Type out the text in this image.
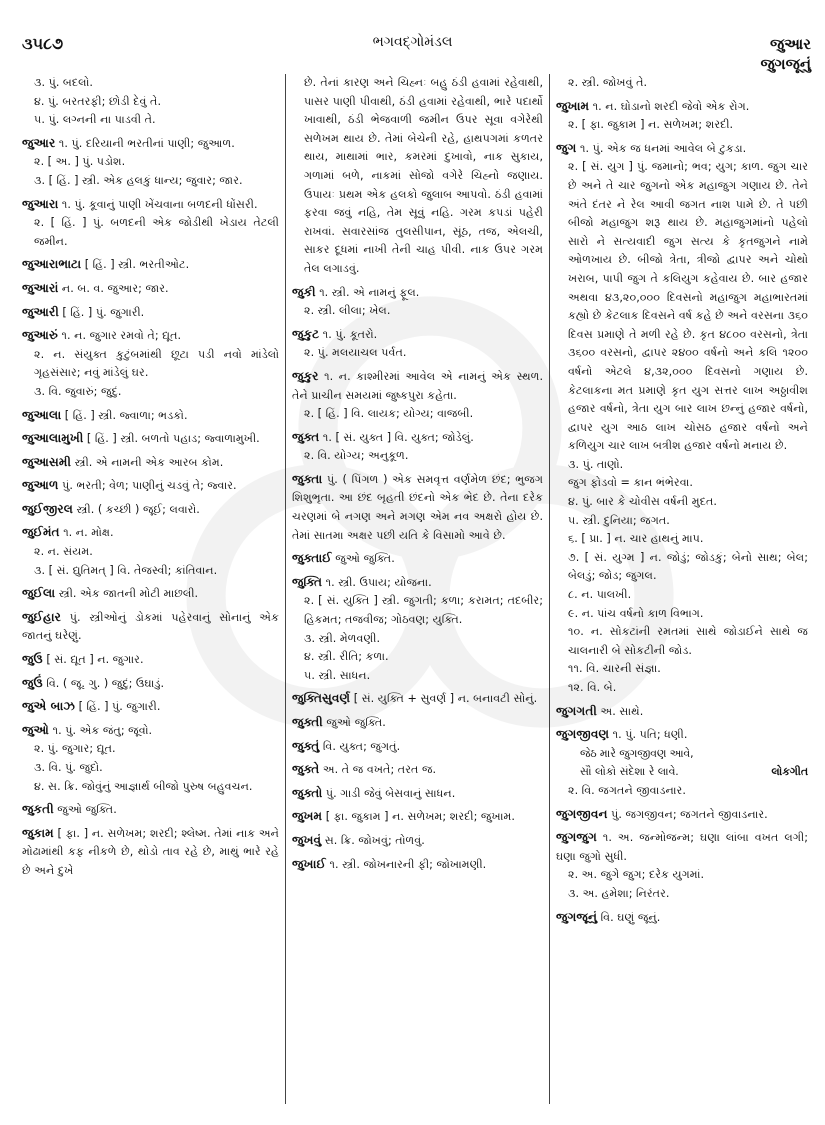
૩૫૮૭	ભગવદ્ગોમંડલ	જુઆર
જુગજૂનું
૩. પું. બદલો.
૪. પું. બરતરફી; છોડી દેવું તે.
૫. પું. લગ્નની ના પાડવી તે.
જુઆર ૧. પું. દરિયાની ભરતીનાં પાણી; જુઆળ.
૨. [ અ. ] પું. પડોશ.
૩. [ હિં. ] સ્ત્રી. એક હલકું ધાન્ય; જુવાર; જાર.
જુઆરા ૧. પું. કૂવાનું પાણી ખેંચવાના બળદની ધોંસરી.
૨. [ હિં. ] પું. બળદની એક જોડીથી ખેડાય તેટલી જમીન.
જુઆરાભાટા [ હિં. ] સ્ત્રી. ભરતીઓટ.
જુઆરાં ન. બ. વ. જુઆર; જાર.
જુઆરી [ હિં. ] પું. જુગારી.
જુઆરું ૧. ન. જુગાર રમવો તે; દ્યૂત.
૨. ન. સંયુક્ત કુટુંબમાંથી છૂટા પડી નવો માંડેલો ગૃહસંસાર; નવું માંડેલું ઘર.
૩. વિ. જુવારું; જુદું.
જુઆલા [ હિં. ] સ્ત્રી. જ્વાળા; ભડકો.
જુઆલામુખી [ હિં. ] સ્ત્રી. બળતો પહાડ; જ્વાળામુખી.
જુઆસમી સ્ત્રી. એ નામની એક આરબ કોમ.
જુઆળ પું. ભરતી; વેળ; પાણીનું ચડવું તે; જ્વાર.
જુઈજીરલ સ્ત્રી. ( કચ્છી ) જૂઈ; લવારો.
જુઈમંત ૧. ન. મોક્ષ.
૨. ન. સંયમ.
૩. [ સં. દ્યુતિમત્ ] વિ. તેજસ્વી; કાંતિવાન.
જુઈલા સ્ત્રી. એક જાતની મોટી માછલી.
જુઈહાર પું. સ્ત્રીઓનું ડોકમાં પહેરવાનું સોનાનું એક જાતનું ઘરેણું.
જુઉ [ સં. દ્યૂત ] ન. જુગાર.
જુઉં વિ. ( જૂ. ગુ. ) જુદું; ઉઘાડું.
જુએ બાઝ [ હિં. ] પું. જુગારી.
જુઓ ૧. પું. એક જંતુ; જૂવો.
૨. પું. જુગાર; દ્યૂત.
૩. વિ. પું. જુદો.
૪. સ. ક્રિ. જોવુંનું આજ્ઞાર્થ બીજો પુરુષ બહુવચન.
જુકતી જુઓ જુક્તિ.
જુકામ [ ફા. ] ન. સળેખમ; શરદી; શ્લેષ્મ. તેમાં નાક અને મોઢામાંથી કફ નીકળે છે, થોડો તાવ રહે છે, માથું ભારે રહે છે અને દુખે
છે. તેનાં કારણ અને ચિહ્નઃ બહુ ઠંડી હવામાં રહેવાથી, પાસર પાણી પીવાથી, ઠંડી હવામાં રહેવાથી, ભારે પદાર્થો ખાવાથી, ઠંડી ભેજવાળી જમીન ઉપર સૂવા વગેરેથી સળેખમ થાય છે. તેમાં બેચેની રહે, હાથપગમાં કળતર થાય, માથામાં ભાર, કમરમાં દુખાવો, નાક સુકાય, ગળામાં બળે, નાકમાં સોજો વગેરે ચિહ્નો જણાય. ઉપાયઃ પ્રથમ એક હલકો જુલાબ આપવો. ઠંડી હવામાં ફરવા જવું નહિ, તેમ સૂવું નહિ. ગરમ કપડાં પહેરી રાખવાં. સવારસાંજ તુલસીપાન, સૂંઠ, તજ, એલચી, સાકર દૂધમાં નાખી તેની ચાહ પીવી. નાક ઉપર ગરમ તેલ લગાડવું.
જુકી ૧. સ્ત્રી. એ નામનું ફૂલ.
૨. સ્ત્રી. લીલા; ખેલ.
જુકુટ ૧. પું. કૂતરો.
૨. પું. મલયાચલ પર્વત.
જુકુર ૧. ન. કાશ્મીરમાં આવેલ એ નામનું એક સ્થળ. તેને પ્રાચીન સમયમાં જુષ્કપુરા કહેતા.
૨. [ હિં. ] વિ. લાયક; યોગ્ય; વાજબી.
જુક્ત ૧. [ સં. યુક્ત ] વિ. યુક્ત; જોડેલું.
૨. વિ. યોગ્ય; અનુકૂળ.
જુક્તા પું. ( પિંગળ ) એક સમવૃત્ત વર્ણમેળ છંદ; ભુજગ શિશુભૃતા. આ છંદ બૃહતી છંદનો એક ભેદ છે. તેના દરેક ચરણમાં બે નગણ અને મગણ એમ નવ અક્ષરો હોય છે. તેમાં સાતમા અક્ષર પછી યતિ કે વિસામો આવે છે.
જુક્તાઈ જુઓ જુક્તિ.
જુક્તિ ૧. સ્ત્રી. ઉપાય; યોજના.
૨. [ સં. યુક્તિ ] સ્ત્રી. જુગતી; કળા; કરામત; તદબીર; હિકમત; તજવીજ; ગોઠવણ; યુક્તિ.
૩. સ્ત્રી. મેળવણી.
૪. સ્ત્રી. રીતિ; કળા.
૫. સ્ત્રી. સાધન.
જુક્તિસુવર્ણ [ સં. યુક્તિ + સુવર્ણ ] ન. બનાવટી સોનું.
જુક્તી જુઓ જુક્તિ.
જુક્તું વિ. યુક્ત; જુગતું.
જુક્તે અ. તે જ વખતે; તરત જ.
જુક્તો પું. ગાડી જેવું બેસવાનું સાધન.
જુખમ [ ફા. જુકામ ] ન. સળેખમ; શરદી; જુખામ.
જુખવું સ. ક્રિ. જોખવું; તોળવું.
જુખાઈ ૧. સ્ત્રી. જોખનારની ફી; જોખામણી.
૨. સ્ત્રી. જોખવું તે.
જુખામ ૧. ન. ઘોડાનો શરદી જેવો એક રોગ.
૨. [ ફા. જુકામ ] ન. સળેખમ; શરદી.
જુગ ૧. પું. એક જ ધનમાં આવેલ બે ટુકડા.
૨. [ સં. યુગ ] પું. જમાનો; ભવ; યુગ; કાળ. જુગ ચાર છે અને તે ચાર જુગનો એક મહાજુગ ગણાય છે. તેને અંતે દંતર ને રેલ આવી જગત નાશ પામે છે. તે પછી બીજો મહાજુગ શરૂ થાય છે. મહાજુગમાંનો પહેલો સારો ને સત્યવાદી જુગ સત્ય કે કૃતજુગને નામે ઓળખાય છે. બીજો ત્રેતા, ત્રીજો દ્વાપર અને ચોથો ખરાબ, પાપી જુગ તે કલિયુગ કહેવાય છે. બાર હજાર અથવા ૪૩,૨૦,૦૦૦ દિવસનો મહાજુગ મહાભારતમાં કહ્યો છે કેટલાક દિવસને વર્ષ કહે છે અને વરસના ૩૬૦ દિવસ પ્રમાણે તે મળી રહે છે. કૃત ૪૮૦૦ વરસનો, ત્રેતા ૩૬૦૦ વરસનો, દ્વાપર ૨૪૦૦ વર્ષનો અને કલિ ૧૨૦૦ વર્ષનો એટલે ૪,૩૨,૦૦૦ દિવસનો ગણાય છે. કેટલાકના મત પ્રમાણે કૃત યુગ સત્તર લાખ અઠ્ઠાવીશ હજાર વર્ષનો, ત્રેતા યુગ બાર લાખ છન્નું હજાર વર્ષનો, દ્વાપર યુગ આઠ લાખ ચોસઠ હજાર વર્ષનો અને કળિયુગ ચાર લાખ બત્રીશ હજાર વર્ષનો મનાય છે.
૩. પું. તાણો.
જુગ ફોડવો = કાન ભંભેરવા.
૪. પું. બાર કે ચોવીસ વર્ષની મુદત.
૫. સ્ત્રી. દુનિયા; જગત.
૬. [ પ્રા. ] ન. ચાર હાથનું માપ.
૭. [ સં. યુગ્મ ] ન. જોડું; જોડકું; બેનો સાથ; બેલ; બેલડું; જોડ; જુગલ.
૮. ન. પાલખી.
૯. ન. પાંચ વર્ષનો કાળ વિભાગ.
૧૦. ન. સોકટાંની રમતમાં સાથે જોડાઈને સાથે જ ચાલનારી બે સોકટીની જોડ.
૧૧. વિ. ચારની સંજ્ઞા.
૧૨. વિ. બે.
જુગગતી અ. સાથે.
જુગજીવણ ૧. પું. પતિ; ધણી.
જેઠ મારે જુગજીવણ આવે,
સૌ લોકો સંદેશા રે લાવે.	લોકગીત
૨. વિ. જગતને જીવાડનાર.
જુગજીવન પું. જગજીવન; જગતને જીવાડનાર.
જુગજુગ ૧. અ. જન્મોજન્મ; ઘણા લાંબા વખત લગી; ઘણા જુગો સુધી.
૨. અ. જુગે જુગ; દરેક યુગમાં.
૩. અ. હમેશા; નિરંતર.
જુગજૂનું વિ. ઘણું જૂનું.
